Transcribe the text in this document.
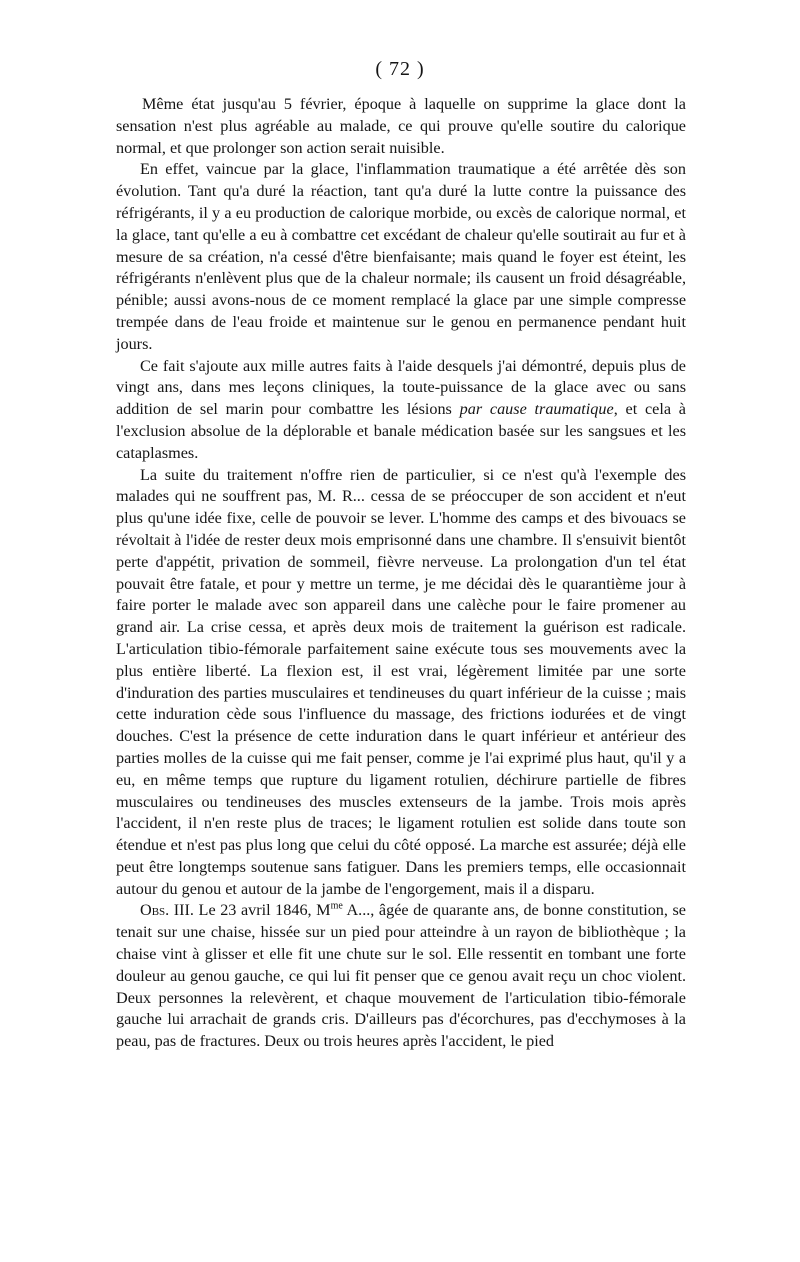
( 72 )

Même état jusqu'au 5 février, époque à laquelle on supprime la glace dont la sensation n'est plus agréable au malade, ce qui prouve qu'elle soutire du calorique normal, et que prolonger son action serait nuisible.

En effet, vaincue par la glace, l'inflammation traumatique a été arrêtée dès son évolution. Tant qu'a duré la réaction, tant qu'a duré la lutte contre la puissance des réfrigérants, il y a eu production de calorique morbide, ou excès de calorique normal, et la glace, tant qu'elle a eu à combattre cet excédant de chaleur qu'elle soutirait au fur et à mesure de sa création, n'a cessé d'être bienfaisante; mais quand le foyer est éteint, les réfrigérants n'enlèvent plus que de la chaleur normale; ils causent un froid désagréable, pénible; aussi avons-nous de ce moment remplacé la glace par une simple compresse trempée dans de l'eau froide et maintenue sur le genou en permanence pendant huit jours.

Ce fait s'ajoute aux mille autres faits à l'aide desquels j'ai démontré, depuis plus de vingt ans, dans mes leçons cliniques, la toute-puissance de la glace avec ou sans addition de sel marin pour combattre les lésions par cause traumatique, et cela à l'exclusion absolue de la déplorable et banale médication basée sur les sangsues et les cataplasmes.

La suite du traitement n'offre rien de particulier, si ce n'est qu'à l'exemple des malades qui ne souffrent pas, M. R... cessa de se préoccuper de son accident et n'eut plus qu'une idée fixe, celle de pouvoir se lever. L'homme des camps et des bivouacs se révoltait à l'idée de rester deux mois emprisonné dans une chambre. Il s'ensuivit bientôt perte d'appétit, privation de sommeil, fièvre nerveuse. La prolongation d'un tel état pouvait être fatale, et pour y mettre un terme, je me décidai dès le quarantième jour à faire porter le malade avec son appareil dans une calèche pour le faire promener au grand air. La crise cessa, et après deux mois de traitement la guérison est radicale. L'articulation tibio-fémorale parfaitement saine exécute tous ses mouvements avec la plus entière liberté. La flexion est, il est vrai, légèrement limitée par une sorte d'induration des parties musculaires et tendineuses du quart inférieur de la cuisse ; mais cette induration cède sous l'influence du massage, des frictions iodurées et de vingt douches. C'est la présence de cette induration dans le quart inférieur et antérieur des parties molles de la cuisse qui me fait penser, comme je l'ai exprimé plus haut, qu'il y a eu, en même temps que rupture du ligament rotulien, déchirure partielle de fibres musculaires ou tendineuses des muscles extenseurs de la jambe. Trois mois après l'accident, il n'en reste plus de traces; le ligament rotulien est solide dans toute son étendue et n'est pas plus long que celui du côté opposé. La marche est assurée; déjà elle peut être longtemps soutenue sans fatiguer. Dans les premiers temps, elle occasionnait autour du genou et autour de la jambe de l'engorgement, mais il a disparu.

Obs. III. Le 23 avril 1846, $M^{me}$ A..., âgée de quarante ans, de bonne constitution, se tenait sur une chaise, hissée sur un pied pour atteindre à un rayon de bibliothèque ; la chaise vint à glisser et elle fit une chute sur le sol. Elle ressentit en tombant une forte douleur au genou gauche, ce qui lui fit penser que ce genou avait reçu un choc violent. Deux personnes la relevèrent, et chaque mouvement de l'articulation tibio-fémorale gauche lui arrachait de grands cris. D'ailleurs pas d'écorchures, pas d'ecchymoses à la peau, pas de fractures. Deux ou trois heures après l'accident, le pied
